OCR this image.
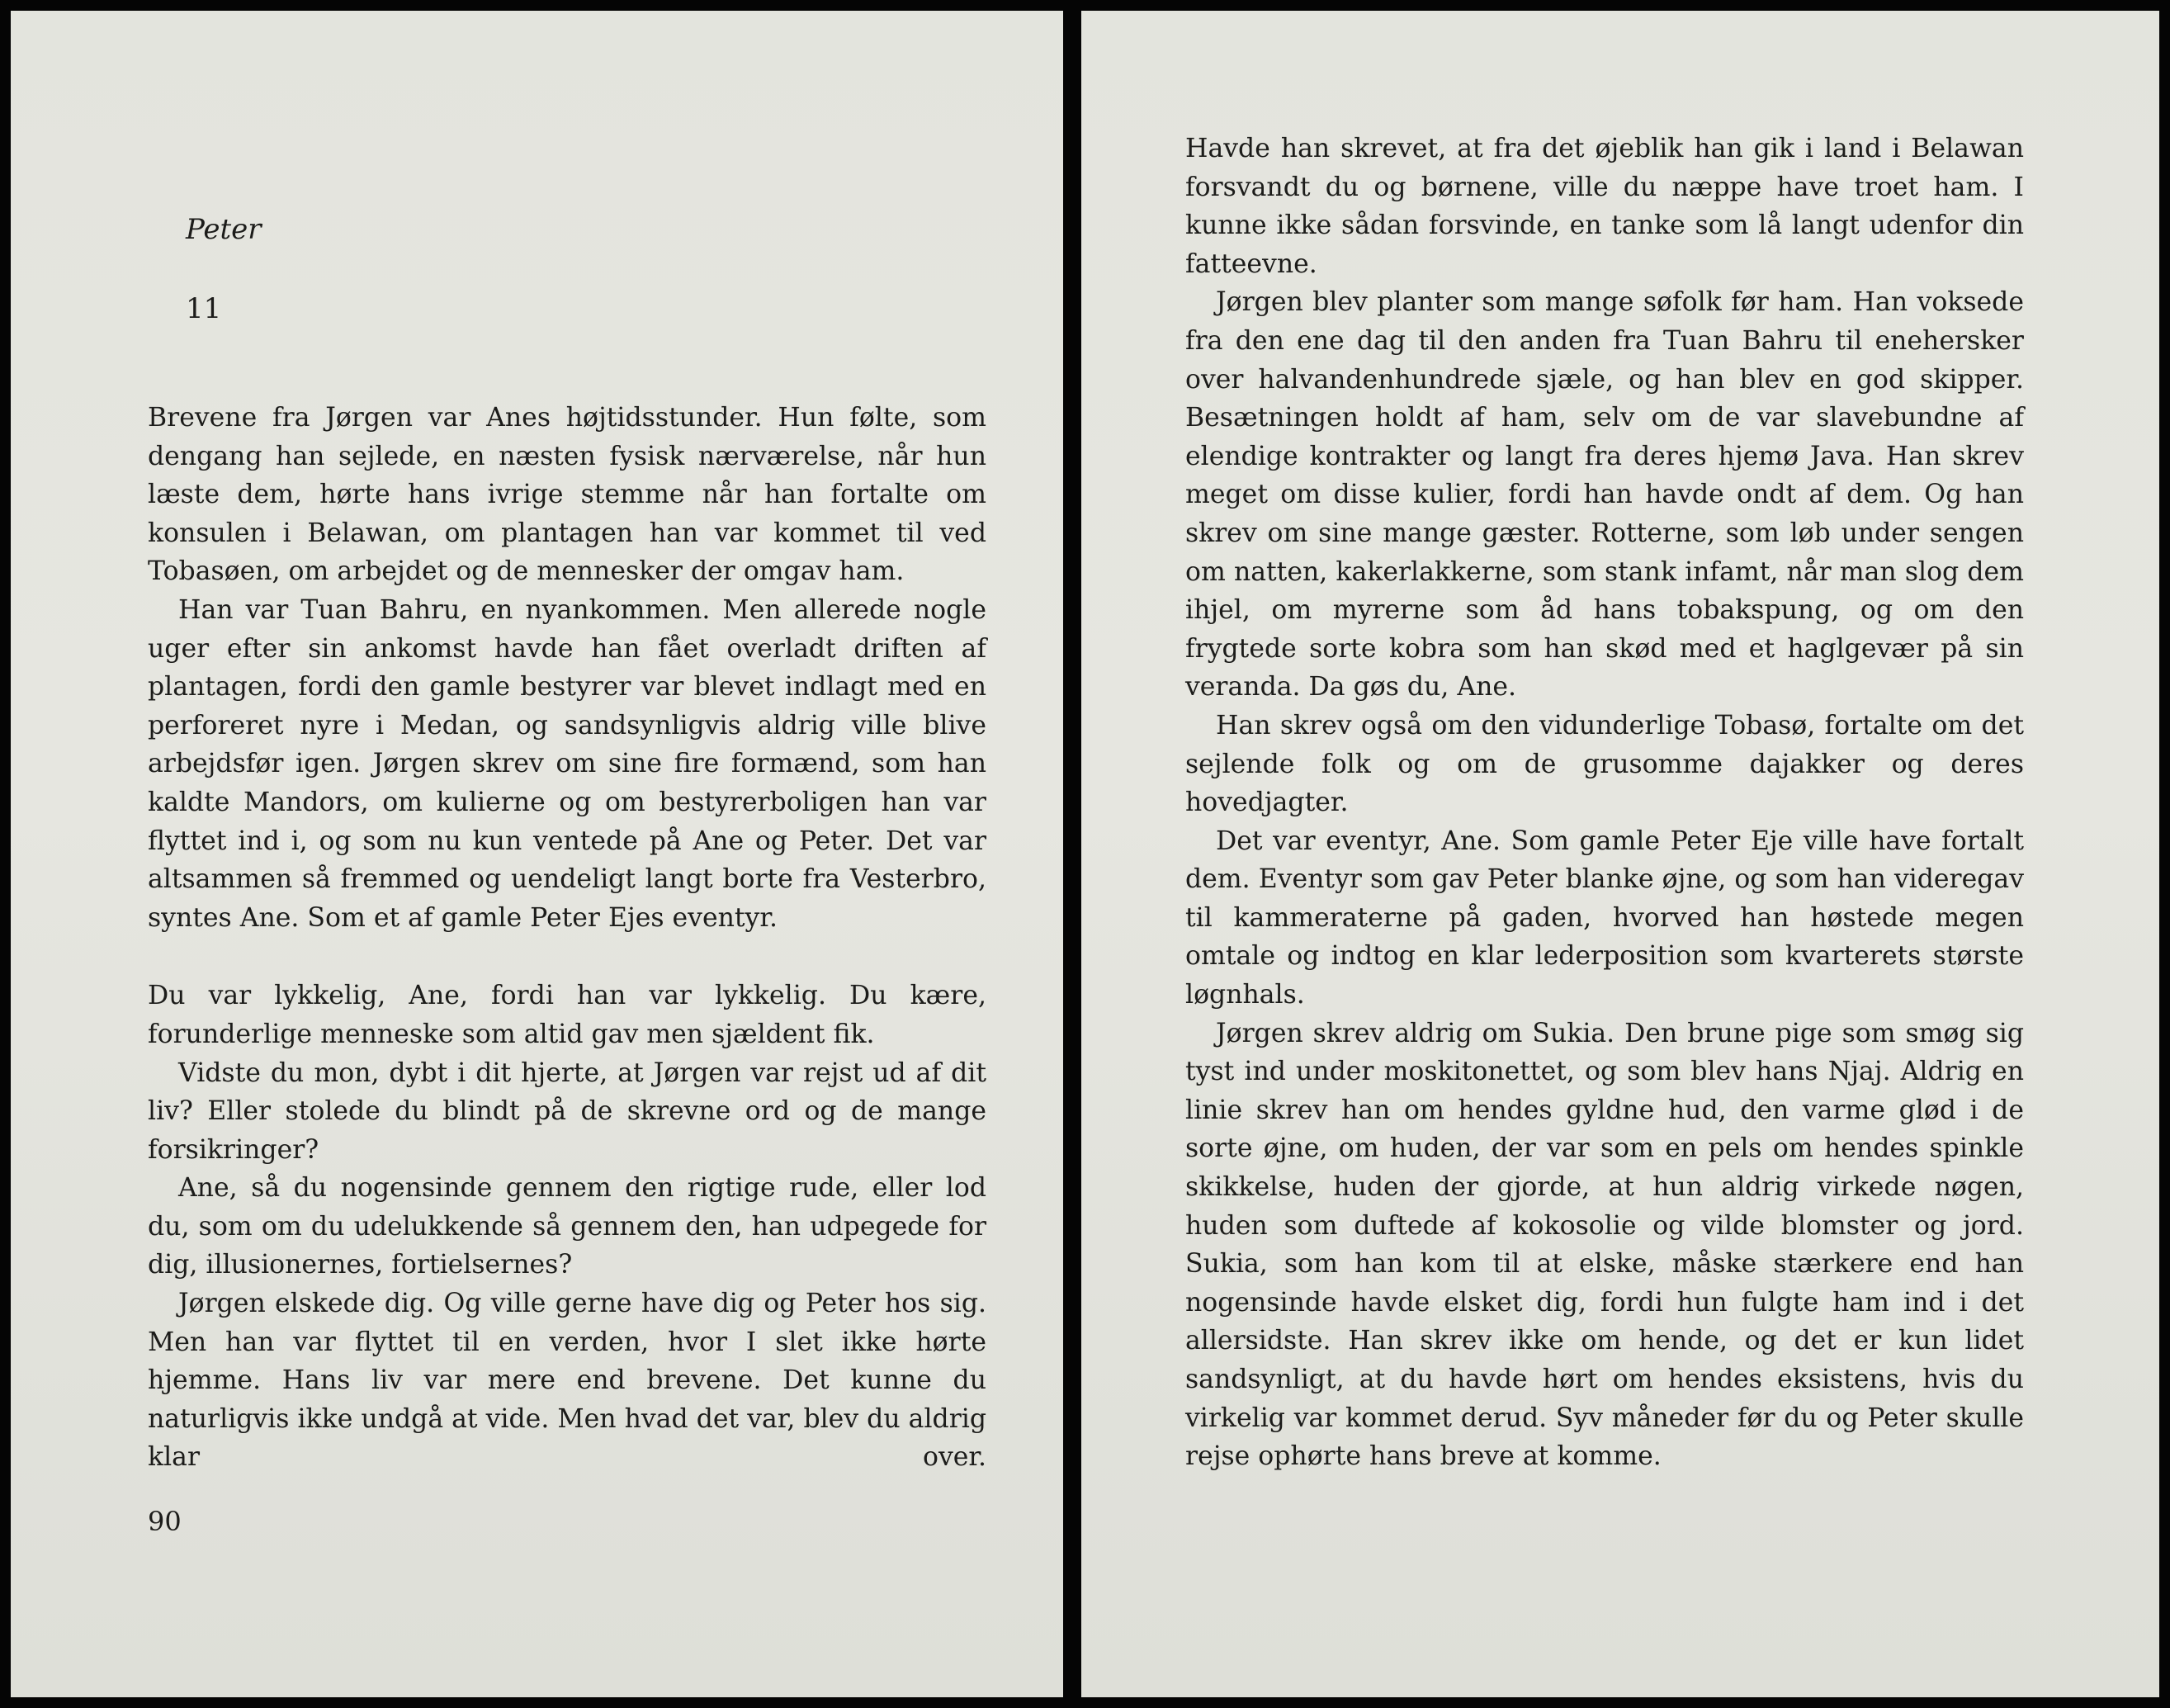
Peter
11

Brevene fra Jørgen var Anes højtidsstunder. Hun følte, som dengang han sejlede, en næsten fysisk nærværelse, når hun læste dem, hørte hans ivrige stemme når han fortalte om konsulen i Belawan, om plantagen han var kommet til ved Tobasøen, om arbejdet og de mennesker der omgav ham.

Han var Tuan Bahru, en nyankommen. Men allerede nogle uger efter sin ankomst havde han fået overladt driften af plantagen, fordi den gamle bestyrer var blevet indlagt med en perforeret nyre i Medan, og sandsynligvis aldrig ville blive arbejdsfør igen. Jørgen skrev om sine fire formænd, som han kaldte Mandors, om kulierne og om bestyrerboligen han var flyttet ind i, og som nu kun ventede på Ane og Peter. Det var altsammen så fremmed og uendeligt langt borte fra Vesterbro, syntes Ane. Som et af gamle Peter Ejes eventyr.

Du var lykkelig, Ane, fordi han var lykkelig. Du kære, forunderlige menneske som altid gav men sjældent fik.

Vidste du mon, dybt i dit hjerte, at Jørgen var rejst ud af dit liv? Eller stolede du blindt på de skrevne ord og de mange forsikringer?

Ane, så du nogensinde gennem den rigtige rude, eller lod du, som om du udelukkende så gennem den, han udpegede for dig, illusionernes, fortielsernes?

Jørgen elskede dig. Og ville gerne have dig og Peter hos sig. Men han var flyttet til en verden, hvor I slet ikke hørte hjemme. Hans liv var mere end brevene. Det kunne du naturligvis ikke undgå at vide. Men hvad det var, blev du aldrig klar over.

90

Havde han skrevet, at fra det øjeblik han gik i land i Belawan forsvandt du og børnene, ville du næppe have troet ham. I kunne ikke sådan forsvinde, en tanke som lå langt udenfor din fatteevne.

Jørgen blev planter som mange søfolk før ham. Han voksede fra den ene dag til den anden fra Tuan Bahru til enehersker over halvandenhundrede sjæle, og han blev en god skipper. Besætningen holdt af ham, selv om de var slavebundne af elendige kontrakter og langt fra deres hjemø Java. Han skrev meget om disse kulier, fordi han havde ondt af dem. Og han skrev om sine mange gæster. Rotterne, som løb under sengen om natten, kakerlakkerne, som stank infamt, når man slog dem ihjel, om myrerne som åd hans tobakspung, og om den frygtede sorte kobra som han skød med et haglgevær på sin veranda. Da gøs du, Ane.

Han skrev også om den vidunderlige Tobasø, fortalte om det sejlende folk og om de grusomme dajakker og deres hovedjagter.

Det var eventyr, Ane. Som gamle Peter Eje ville have fortalt dem. Eventyr som gav Peter blanke øjne, og som han videregav til kammeraterne på gaden, hvorved han høstede megen omtale og indtog en klar lederposition som kvarterets største løgnhals.

Jørgen skrev aldrig om Sukia. Den brune pige som smøg sig tyst ind under moskitonettet, og som blev hans Njaj. Aldrig en linie skrev han om hendes gyldne hud, den varme glød i de sorte øjne, om huden, der var som en pels om hendes spinkle skikkelse, huden der gjorde, at hun aldrig virkede nøgen, huden som duftede af kokosolie og vilde blomster og jord. Sukia, som han kom til at elske, måske stærkere end han nogensinde havde elsket dig, fordi hun fulgte ham ind i det allersidste. Han skrev ikke om hende, og det er kun lidet sandsynligt, at du havde hørt om hendes eksistens, hvis du virkelig var kommet derud. Syv måneder før du og Peter skulle rejse ophørte hans breve at komme.
